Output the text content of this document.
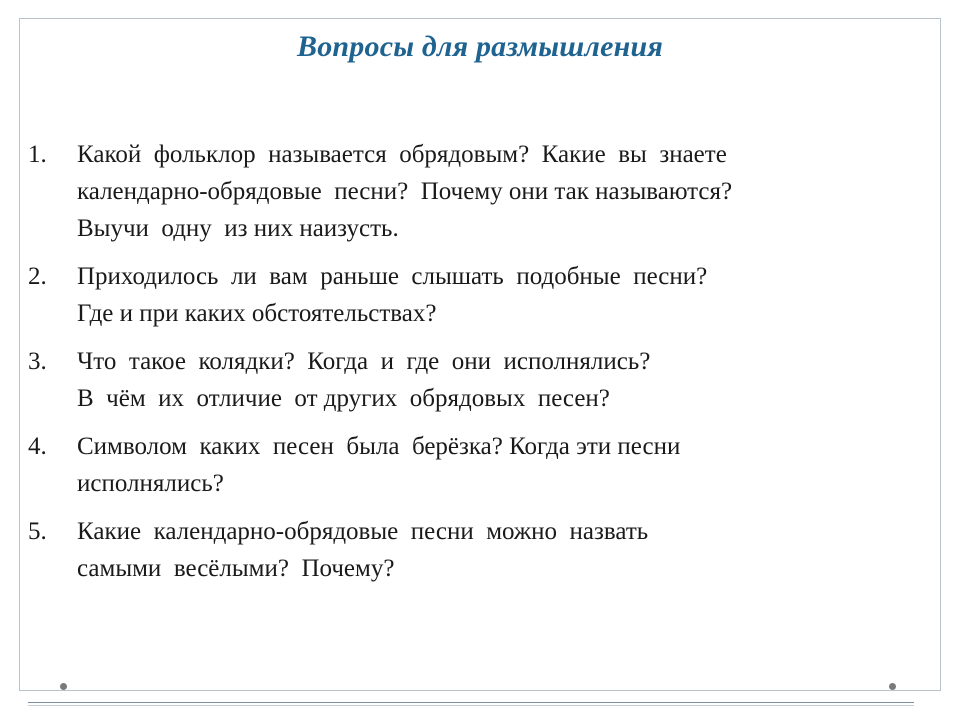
Вопросы для размышления
1. Какой  фольклор  называется  обрядовым?  Какие  вы  знаете
календарно-обрядовые  песни?  Почему они так называются?
Выучи  одну  из них наизусть.
2. Приходилось  ли  вам  раньше  слышать  подобные  песни?
Где и при каких обстоятельствах?
3. Что  такое  колядки?  Когда  и  где  они  исполнялись?
В  чём  их  отличие  от других  обрядовых  песен?
4. Символом  каких  песен  была  берёзка? Когда эти песни
исполнялись?
5. Какие  календарно-обрядовые  песни  можно  назвать
самыми  весёлыми?  Почему?
